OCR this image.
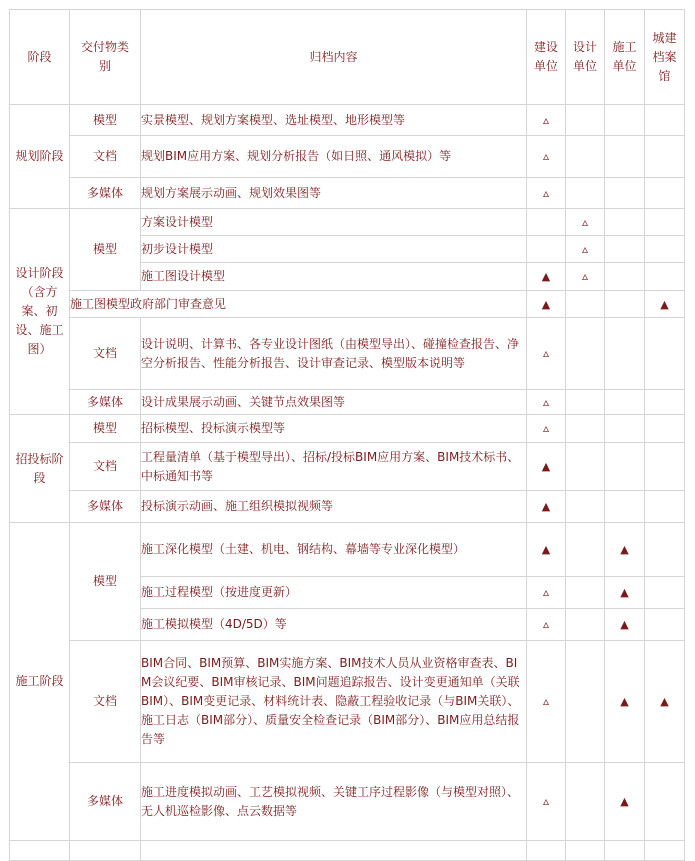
阶段	交付物类别	归档内容	建设单位	设计单位	施工单位	城建档案馆
规划阶段	模型	实景模型、规划方案模型、选址模型、地形模型等	▵			
	文档	规划BIM应用方案、规划分析报告（如日照、通风模拟）等	▵			
	多媒体	规划方案展示动画、规划效果图等	▵			
设计阶段（含方案、初设、施工图）	模型	方案设计模型		▵		
		初步设计模型		▵		
		施工图设计模型	▲	▵		
	施工图模型政府部门审查意见		▲			▲
	文档	设计说明、计算书、各专业设计图纸（由模型导出）、碰撞检查报告、净空分析报告、性能分析报告、设计审查记录、模型版本说明等	▵			
	多媒体	设计成果展示动画、关键节点效果图等	▵			
招投标阶段	模型	招标模型、投标演示模型等	▵			
	文档	工程量清单（基于模型导出）、招标/投标BIM应用方案、BIM技术标书、中标通知书等	▲			
	多媒体	投标演示动画、施工组织模拟视频等	▲			
施工阶段	模型	施工深化模型（土建、机电、钢结构、幕墙等专业深化模型）	▲		▲	
		施工过程模型（按进度更新）	▵		▲	
		施工模拟模型（4D/5D）等	▵		▲	
	文档	BIM合同、BIM预算、BIM实施方案、BIM技术人员从业资格审查表、BIM会议纪要、BIM审核记录、BIM问题追踪报告、设计变更通知单（关联BIM）、BIM变更记录、材料统计表、隐蔽工程验收记录（与BIM关联）、施工日志（BIM部分）、质量安全检查记录（BIM部分）、BIM应用总结报告等	▵		▲	▲
	多媒体	施工进度模拟动画、工艺模拟视频、关键工序过程影像（与模型对照）、无人机巡检影像、点云数据等	▵		▲	
